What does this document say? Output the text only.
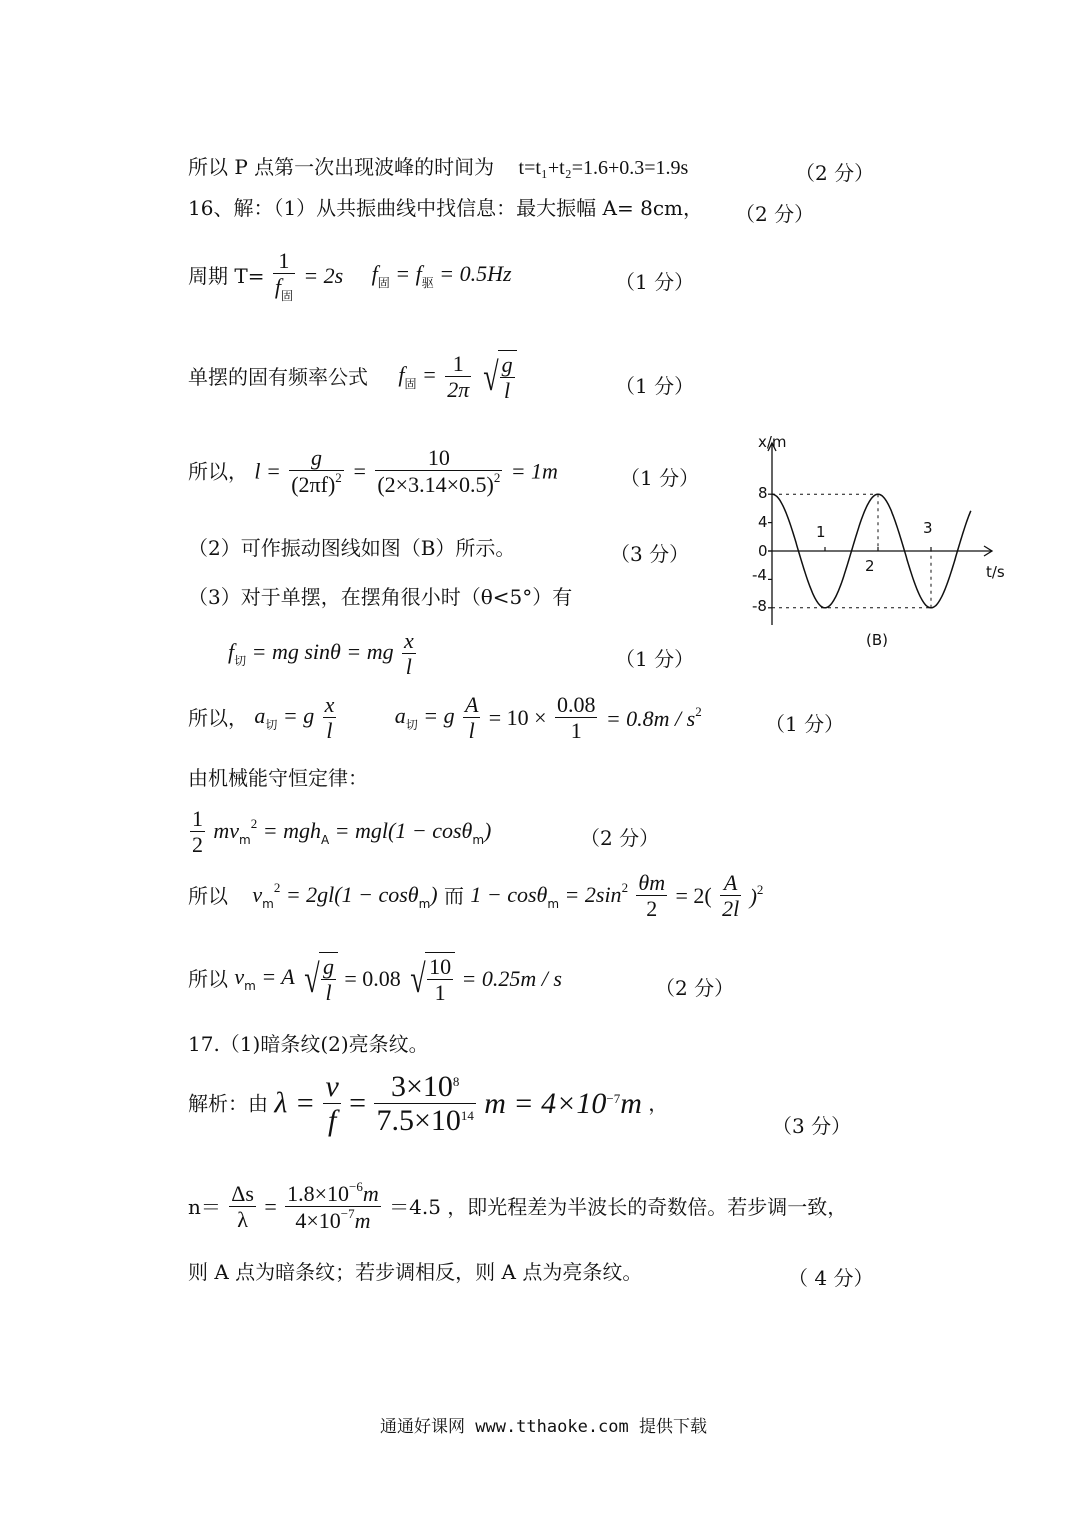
所以 P 点第一次出现波峰的时间为 t=t₁+t₂=1.6+0.3=1.9s	（2 分）
16、解：（1）从共振曲线中找信息：最大振幅 A= 8cm， （2 分）
周期 $T= \frac{1}{f_固} = 2s$ $f_固 = f_驱 = 0.5Hz$	（1 分）
单摆的固有频率公式 $f_固 = \frac{1}{2\pi}$ √ $\frac{g}{l}$	（1 分）
所以， $l = \frac{g}{(2\pi f)^2} = \frac{10}{(2\times 3.14\times 0.5)^2} = 1m$	（1 分）
（2）可作振动图线如图（B）所示。	（3 分）
（3）对于单摆，在摆角很小时（θ<5°）有
$f_切$ = mg sinθ = mg $\frac{x}{l}$	（1 分）
所以， $a_切 = g \frac{x}{l}$	$a_切 = g \frac{A}{l} = 10 \times \frac{0.08}{1} = 0.8m / s^2$
（1 分）
由机械能守恒定律：
$\frac{1}{2} mv_m^2 = mgh_A = mgl(1 - \cos\theta_m)$	（2 分）
所以 $v_m^2 = 2gl(1 - \cos\theta_m)$ 而 $1 - \cos\theta_m = 2\sin^2 \frac{\theta m}{2} = 2( \frac{A}{2l} )^2$
所以 $v_m = A$ √ $\frac{g}{l} = 0.08$ √ $\frac{10}{1} = 0.25m / s$	（2 分）
17.（1)暗条纹(2)亮条纹。
解析：由 $\lambda = \frac{v}{f} = \frac{3\times 10^8}{7.5\times 10^{14}}$ $m = 4\times 10^{-7}m$ ，
（3 分）
$n= \frac{\Delta s}{\lambda} = \frac{1.8\times 10^{-6}m}{4\times 10^{-7}m} =4.5$ ，即光程差为半波长的奇数倍。若步调一致，
则 A 点为暗条纹；若步调相反，则 A 点为亮条纹。	（ 4 分）
x/m
t/s
8
4
0
-4
-8
1
2
3
(B)
通通好课网 www.tthaoke.com 提供下载
